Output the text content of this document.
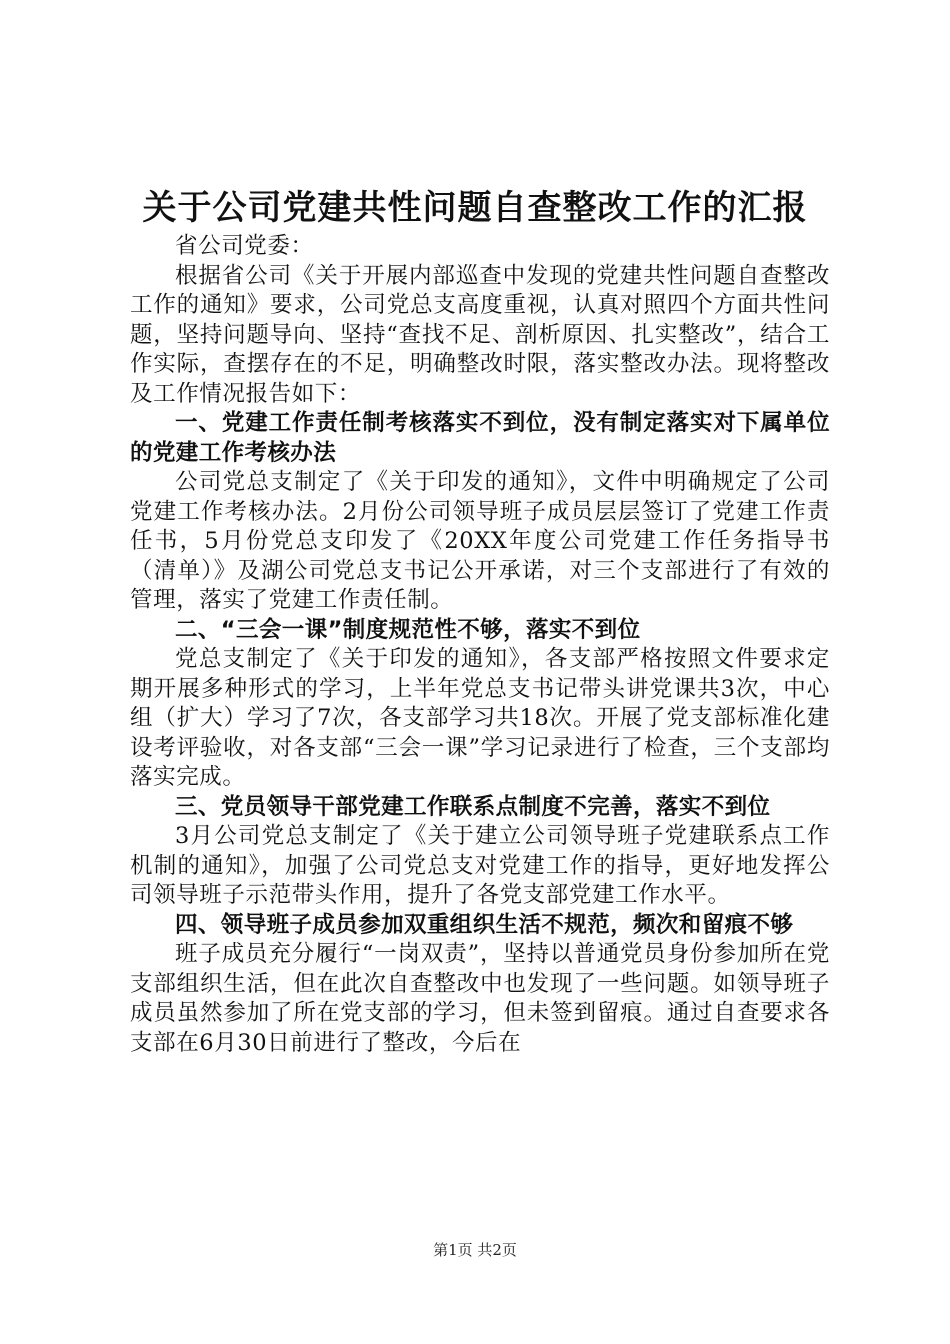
关于公司党建共性问题自查整改工作的汇报

省公司党委：

根据省公司《关于开展内部巡查中发现的党建共性问题自查整改工作的通知》要求，公司党总支高度重视，认真对照四个方面共性问题，坚持问题导向、坚持“查找不足、剖析原因、扎实整改”，结合工作实际，查摆存在的不足，明确整改时限，落实整改办法。现将整改及工作情况报告如下：

一、党建工作责任制考核落实不到位，没有制定落实对下属单位的党建工作考核办法

公司党总支制定了《关于印发的通知》，文件中明确规定了公司党建工作考核办法。2月份公司领导班子成员层层签订了党建工作责任书，5月份党总支印发了《20XX年度公司党建工作任务指导书（清单）》及湖公司党总支书记公开承诺，对三个支部进行了有效的管理，落实了党建工作责任制。

二、“三会一课”制度规范性不够，落实不到位

党总支制定了《关于印发的通知》，各支部严格按照文件要求定期开展多种形式的学习，上半年党总支书记带头讲党课共3次，中心组（扩大）学习了7次，各支部学习共18次。开展了党支部标准化建设考评验收，对各支部“三会一课”学习记录进行了检查，三个支部均落实完成。

三、党员领导干部党建工作联系点制度不完善，落实不到位

3月公司党总支制定了《关于建立公司领导班子党建联系点工作机制的通知》，加强了公司党总支对党建工作的指导，更好地发挥公司领导班子示范带头作用，提升了各党支部党建工作水平。

四、领导班子成员参加双重组织生活不规范，频次和留痕不够

班子成员充分履行“一岗双责”，坚持以普通党员身份参加所在党支部组织生活，但在此次自查整改中也发现了一些问题。如领导班子成员虽然参加了所在党支部的学习，但未签到留痕。通过自查要求各支部在6月30日前进行了整改，今后在

第1页 共2页
